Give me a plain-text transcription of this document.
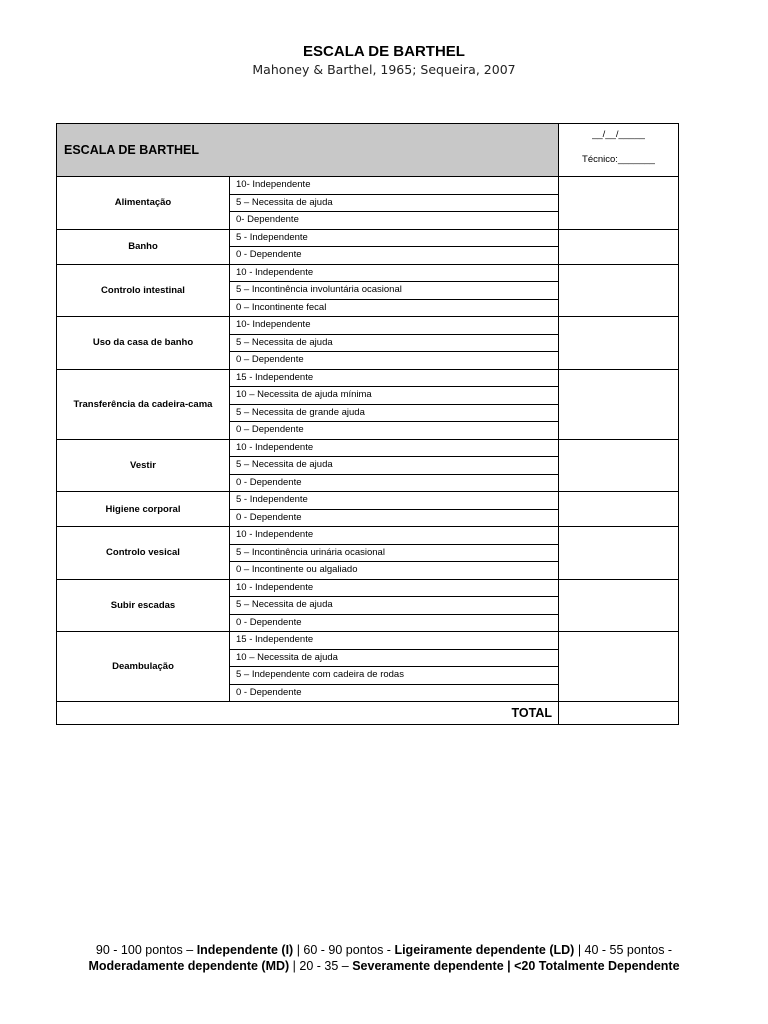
ESCALA DE BARTHEL
Mahoney & Barthel, 1965; Sequeira, 2007
ESCALA DE BARTHEL		__/__/_____
Técnico:_______

Alimentação	10- Independente	
	5 – Necessita de ajuda	
	0- Dependente	
Banho	5 - Independente	
	0 - Dependente	
Controlo intestinal	10 - Independente	
	5 – Incontinência involuntária ocasional	
	0 – Incontinente fecal	
Uso da casa de banho	10- Independente	
	5 – Necessita de ajuda	
	0 – Dependente	
Transferência da cadeira-cama	15 - Independente	
	10 – Necessita de ajuda mínima	
	5 – Necessita de grande ajuda	
	0 – Dependente	
Vestir	10 - Independente	
	5 – Necessita de ajuda	
	0 - Dependente	
Higiene corporal	5 - Independente	
	0 - Dependente	
Controlo vesical	10 - Independente	
	5 – Incontinência urinária ocasional	
	0 – Incontinente ou algaliado	
Subir escadas	10 - Independente	
	5 – Necessita de ajuda	
	0 - Dependente	
Deambulação	15 - Independente	
	10 – Necessita de ajuda	
	5 – Independente com cadeira de rodas	
	0 - Dependente	
TOTAL		
90 - 100 pontos – Independente (I) | 60 - 90 pontos - Ligeiramente dependente (LD) | 40 - 55 pontos -
Moderadamente dependente (MD) | 20 - 35 – Severamente dependente | <20 Totalmente Dependente
